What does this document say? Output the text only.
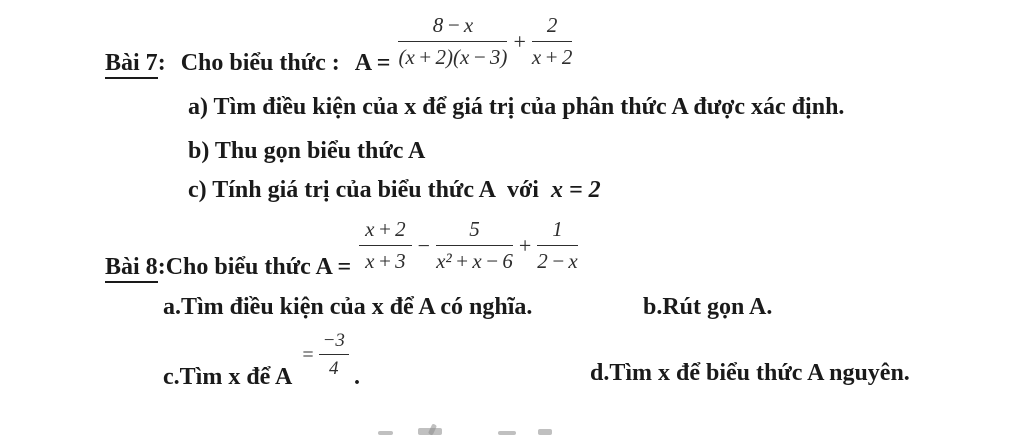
Bài 7: Cho biểu thức : $A = \frac{8 - x}{(x + 2)(x - 3)} + \frac{2}{x + 2}$
a) Tìm điều kiện của x để giá trị của phân thức A được xác định.
b) Thu gọn biểu thức A
c) Tính giá trị của biểu thức A với x = 2
Bài 8: Cho biểu thức $A = \frac{x + 2}{x + 3} - \frac{5}{\text{x² + x − 6}} + \frac{1}{2 - x}$
a.Tìm điều kiện của x để A có nghĩa.	b.Rút gọn A.
c.Tìm x để A
= $\frac{-3}{4}$ .	d.Tìm x để biểu thức A nguyên.
